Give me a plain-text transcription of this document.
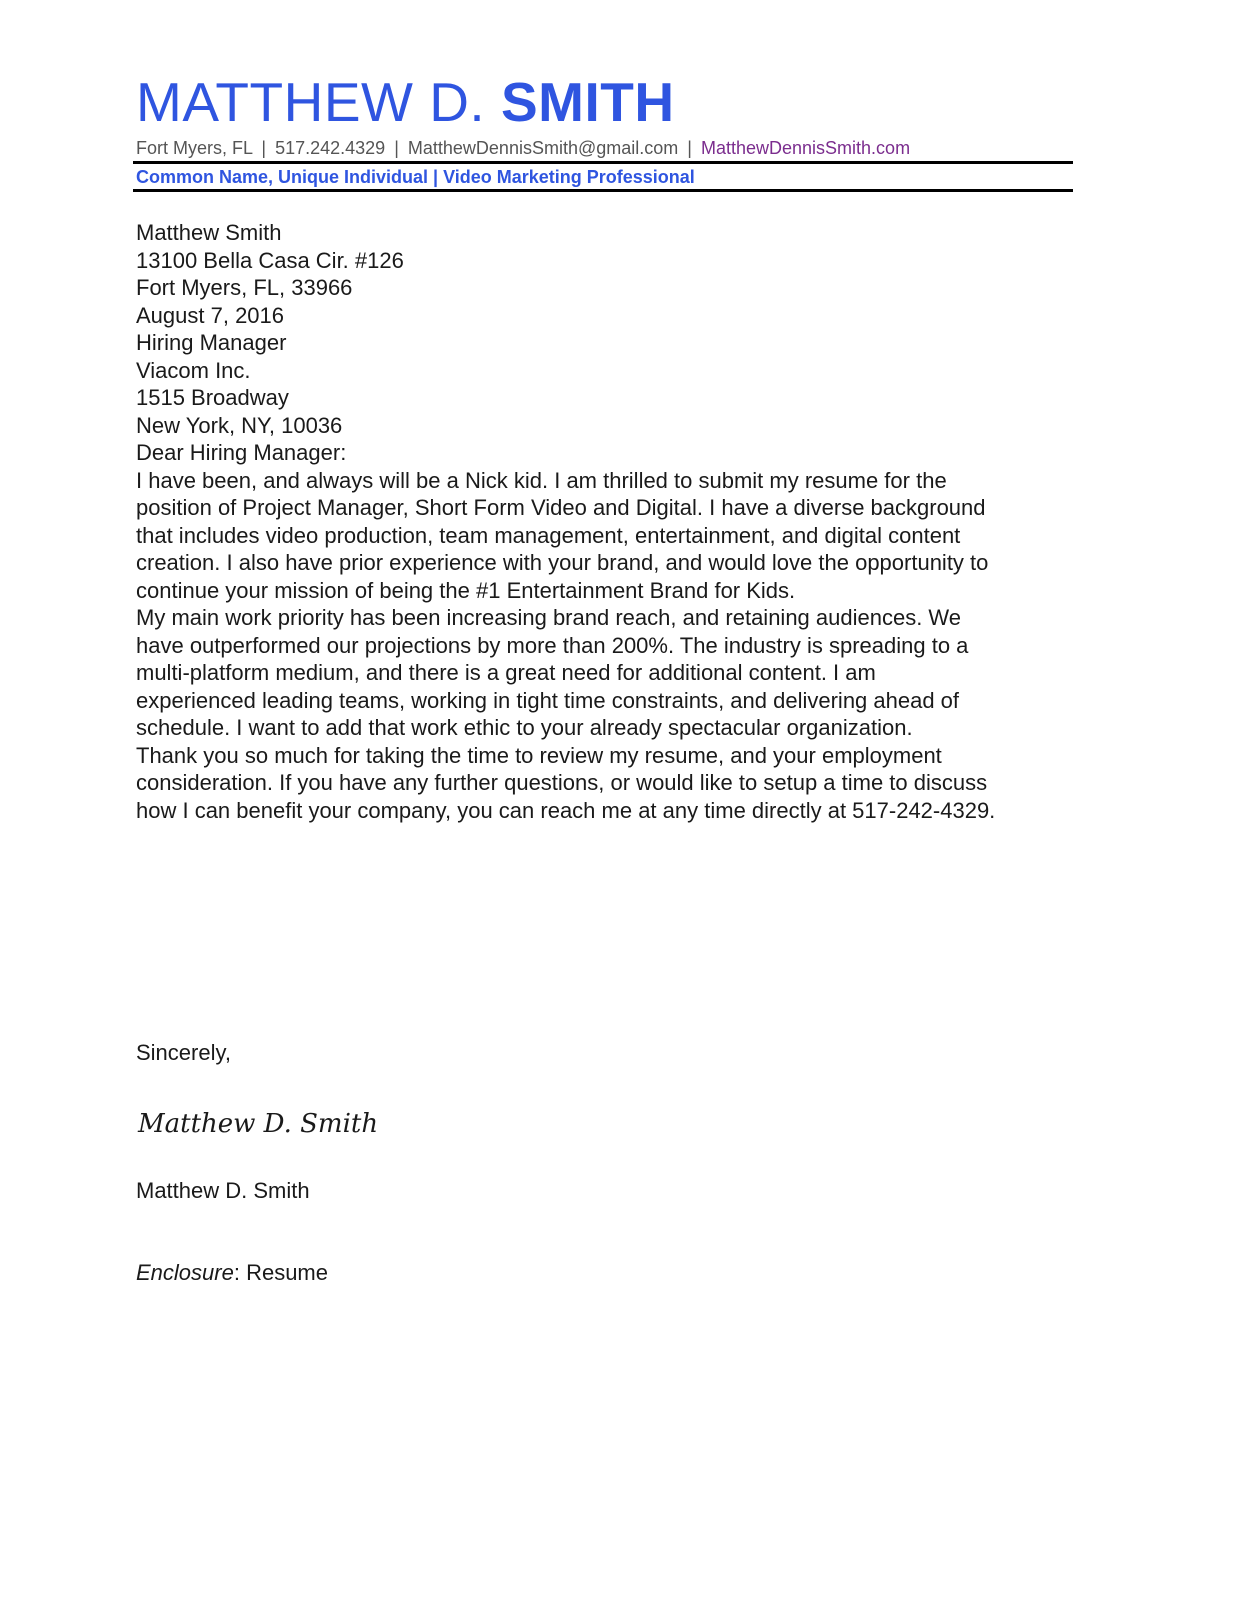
MATTHEW D. SMITH
Fort Myers, FL | 517.242.4329 | MatthewDennisSmith@gmail.com | MatthewDennisSmith.com
Common Name, Unique Individual | Video Marketing Professional

Matthew Smith
13100 Bella Casa Cir. #126
Fort Myers, FL, 33966

August 7, 2016

Hiring Manager
Viacom Inc.
1515 Broadway
New York, NY, 10036

Dear Hiring Manager:

I have been, and always will be a Nick kid. I am thrilled to submit my resume for the
position of Project Manager, Short Form Video and Digital. I have a diverse background
that includes video production, team management, entertainment, and digital content
creation. I also have prior experience with your brand, and would love the opportunity to
continue your mission of being the #1 Entertainment Brand for Kids.

My main work priority has been increasing brand reach, and retaining audiences. We
have outperformed our projections by more than 200%. The industry is spreading to a
multi-platform medium, and there is a great need for additional content. I am
experienced leading teams, working in tight time constraints, and delivering ahead of
schedule. I want to add that work ethic to your already spectacular organization.

Thank you so much for taking the time to review my resume, and your employment
consideration. If you have any further questions, or would like to setup a time to discuss
how I can benefit your company, you can reach me at any time directly at 517-242-4329.

Sincerely,
Matthew D. Smith
Matthew D. Smith
Enclosure: Resume
